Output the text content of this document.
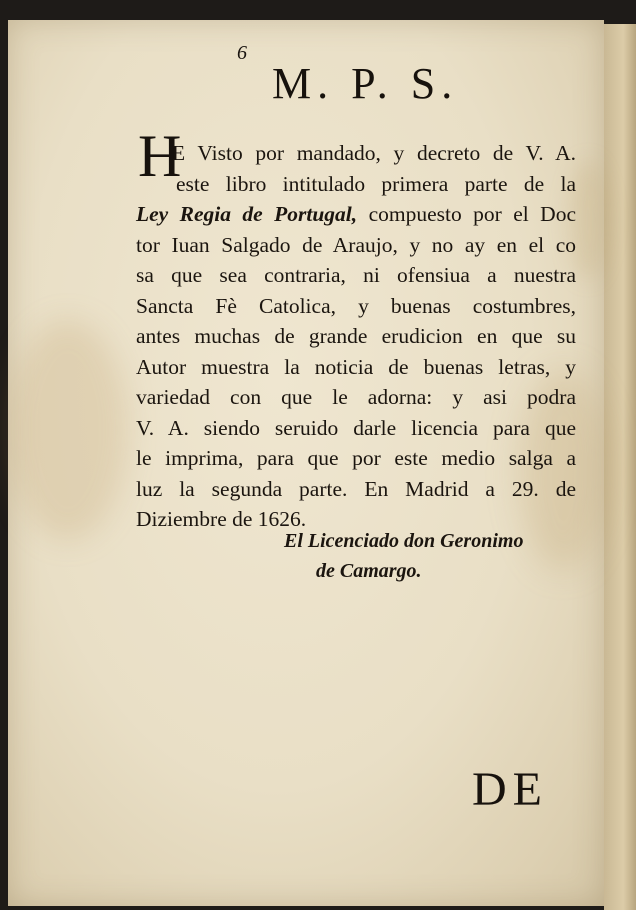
6
M. P. S.
H
E Visto por mandado, y decreto de V. A.
este libro intitulado primera parte de la
Ley Regia de Portugal, compuesto por el Doc
tor Iuan Salgado de Araujo, y no ay en el co
sa que sea contraria, ni ofensiua a nuestra
Sancta Fè Catolica, y buenas costumbres,
antes muchas de grande erudicion en que su
Autor muestra la noticia de buenas letras, y
variedad con que le adorna: y asi podra
V. A. siendo seruido darle licencia para que
le imprima, para que por este medio salga a
luz la segunda parte. En Madrid a 29. de
Diziembre de 1626.
El Licenciado don Geronimo
de Camargo.
DE
